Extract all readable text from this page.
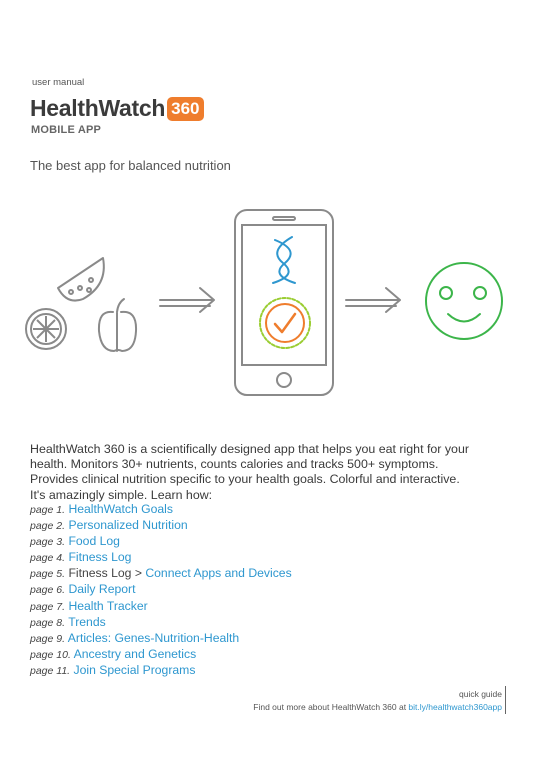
user manual
HealthWatch 360
MOBILE APP
The best app for balanced nutrition
HealthWatch 360 is a scientifically designed app that helps you eat right for your health. Monitors 30+ nutrients, counts calories and tracks 500+ symptoms. Provides clinical nutrition specific to your health goals. Colorful and interactive. It's amazingly simple. Learn how:
page 1. HealthWatch Goals
page 2. Personalized Nutrition
page 3. Food Log
page 4. Fitness Log
page 5. Fitness Log > Connect Apps and Devices
page 6. Daily Report
page 7. Health Tracker
page 8. Trends
page 9. Articles: Genes-Nutrition-Health
page 10. Ancestry and Genetics
page 11. Join Special Programs
quick guide
Find out more about HealthWatch 360 at bit.ly/healthwatch360app
